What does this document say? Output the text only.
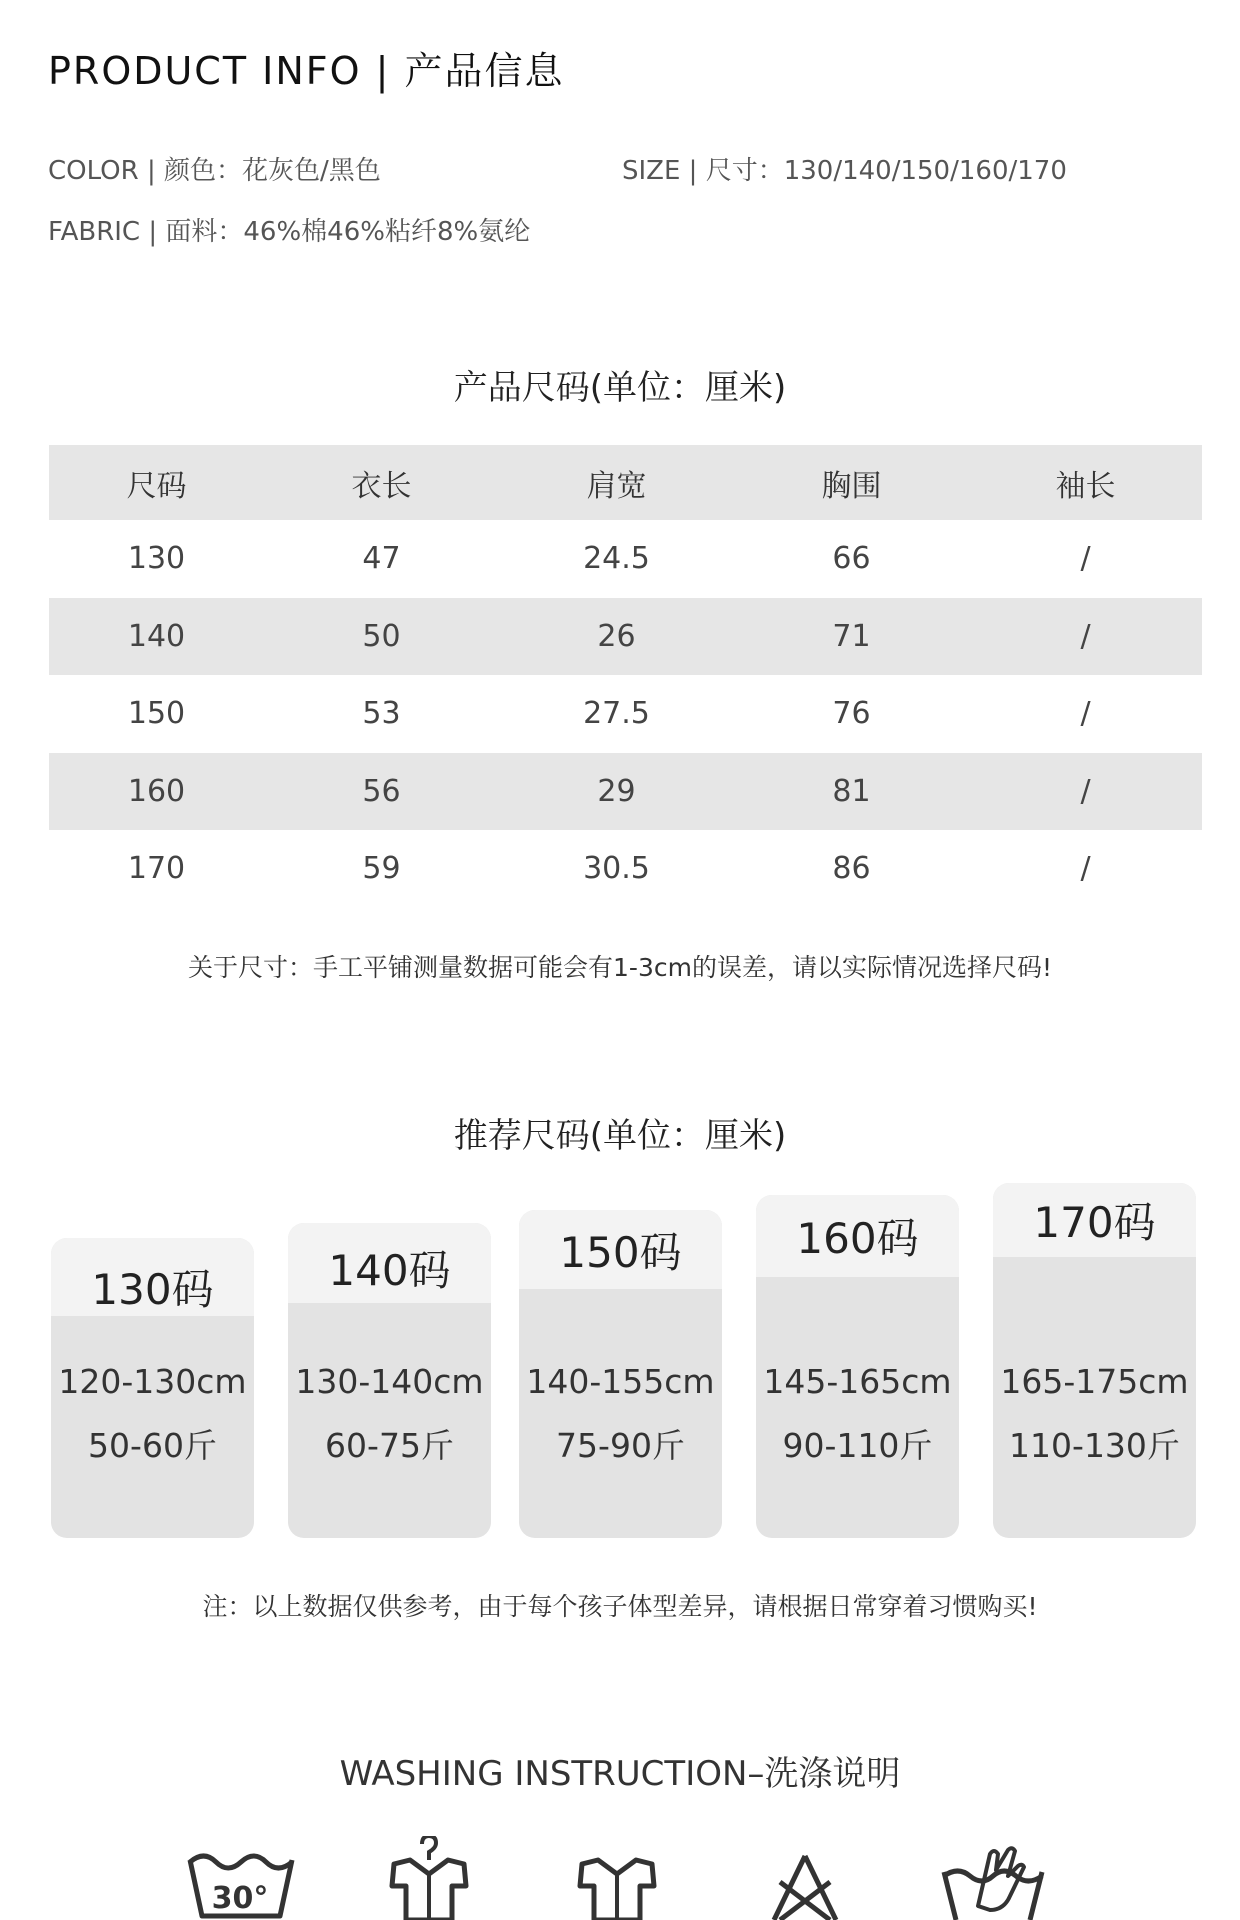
PRODUCT INFO | 产品信息
COLOR | 颜色：花灰色/黑色	SIZE | 尺寸：130/140/150/160/170
FABRIC | 面料：46%棉46%粘纤8%氨纶
产品尺码(单位：厘米)
尺码	衣长	肩宽	胸围	袖长
130	47	24.5	66	/
140	50	26	71	/
150	53	27.5	76	/
160	56	29	81	/
170	59	30.5	86	/
关于尺寸：手工平铺测量数据可能会有1-3cm的误差，请以实际情况选择尺码!
推荐尺码(单位：厘米)
130码
120-130cm
50-60斤
140码
130-140cm
60-75斤
150码
140-155cm
75-90斤
160码
145-165cm
90-110斤
170码
165-175cm
110-130斤
注：以上数据仅供参考，由于每个孩子体型差异，请根据日常穿着习惯购买!
WASHING INSTRUCTION–洗涤说明
30°
